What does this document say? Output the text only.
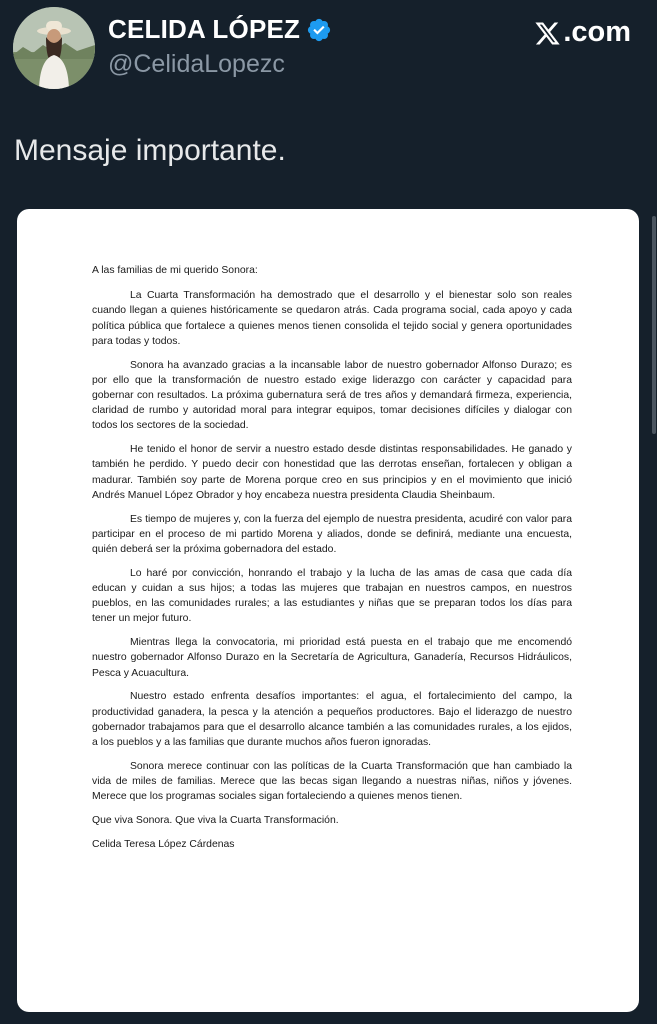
CELIDA LÓPEZ
@CelidaLopezc
.com
Mensaje importante.

A las familias de mi querido Sonora:

La Cuarta Transformación ha demostrado que el desarrollo y el bienestar solo son reales cuando llegan a quienes históricamente se quedaron atrás. Cada programa social, cada apoyo y cada política pública que fortalece a quienes menos tienen consolida el tejido social y genera oportunidades para todas y todos.

Sonora ha avanzado gracias a la incansable labor de nuestro gobernador Alfonso Durazo; es por ello que la transformación de nuestro estado exige liderazgo con carácter y capacidad para gobernar con resultados. La próxima gubernatura será de tres años y demandará firmeza, experiencia, claridad de rumbo y autoridad moral para integrar equipos, tomar decisiones difíciles y dialogar con todos los sectores de la sociedad.

He tenido el honor de servir a nuestro estado desde distintas responsabilidades. He ganado y también he perdido. Y puedo decir con honestidad que las derrotas enseñan, fortalecen y obligan a madurar. También soy parte de Morena porque creo en sus principios y en el movimiento que inició Andrés Manuel López Obrador y hoy encabeza nuestra presidenta Claudia Sheinbaum.

Es tiempo de mujeres y, con la fuerza del ejemplo de nuestra presidenta, acudiré con valor para participar en el proceso de mi partido Morena y aliados, donde se definirá, mediante una encuesta, quién deberá ser la próxima gobernadora del estado.

Lo haré por convicción, honrando el trabajo y la lucha de las amas de casa que cada día educan y cuidan a sus hijos; a todas las mujeres que trabajan en nuestros campos, en nuestros pueblos, en las comunidades rurales; a las estudiantes y niñas que se preparan todos los días para tener un mejor futuro.

Mientras llega la convocatoria, mi prioridad está puesta en el trabajo que me encomendó nuestro gobernador Alfonso Durazo en la Secretaría de Agricultura, Ganadería, Recursos Hidráulicos, Pesca y Acuacultura.

Nuestro estado enfrenta desafíos importantes: el agua, el fortalecimiento del campo, la productividad ganadera, la pesca y la atención a pequeños productores. Bajo el liderazgo de nuestro gobernador trabajamos para que el desarrollo alcance también a las comunidades rurales, a los ejidos, a los pueblos y a las familias que durante muchos años fueron ignoradas.

Sonora merece continuar con las políticas de la Cuarta Transformación que han cambiado la vida de miles de familias. Merece que las becas sigan llegando a nuestras niñas, niños y jóvenes. Merece que los programas sociales sigan fortaleciendo a quienes menos tienen.

Que viva Sonora. Que viva la Cuarta Transformación.

Celida Teresa López Cárdenas
